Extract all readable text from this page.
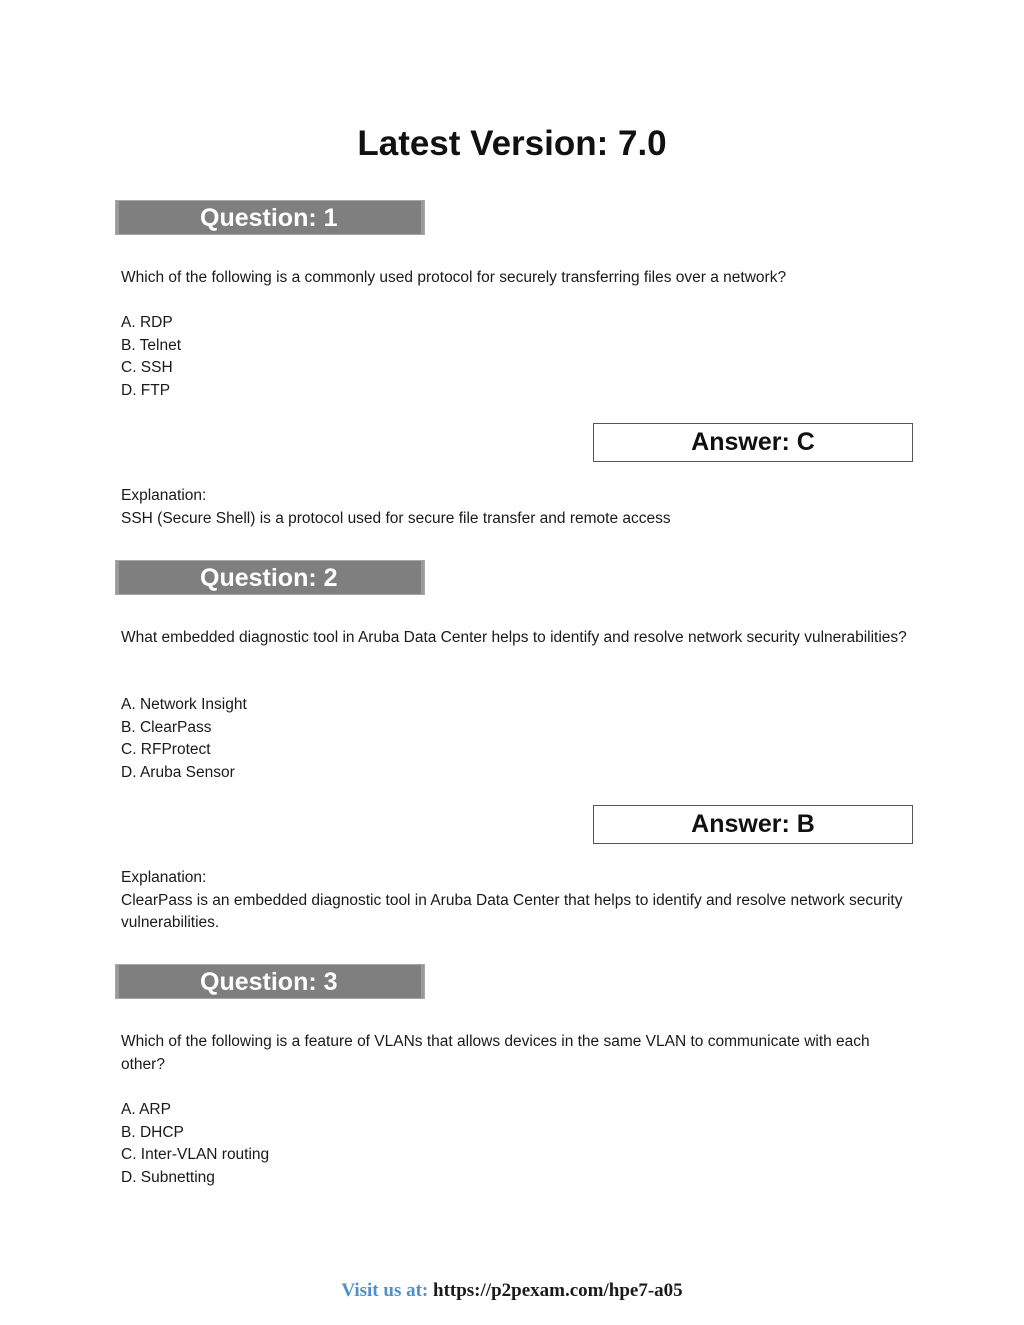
Latest Version: 7.0
Question: 1
Which of the following is a commonly used protocol for securely transferring files over a network?
A. RDP
B. Telnet
C. SSH
D. FTP
Answer: C
Explanation:
SSH (Secure Shell) is a protocol used for secure file transfer and remote access
Question: 2
What embedded diagnostic tool in Aruba Data Center helps to identify and resolve network security vulnerabilities?
A. Network Insight
B. ClearPass
C. RFProtect
D. Aruba Sensor
Answer: B
Explanation:
ClearPass is an embedded diagnostic tool in Aruba Data Center that helps to identify and resolve network security vulnerabilities.
Question: 3
Which of the following is a feature of VLANs that allows devices in the same VLAN to communicate with each other?
A. ARP
B. DHCP
C. Inter-VLAN routing
D. Subnetting
Visit us at: https://p2pexam.com/hpe7-a05
